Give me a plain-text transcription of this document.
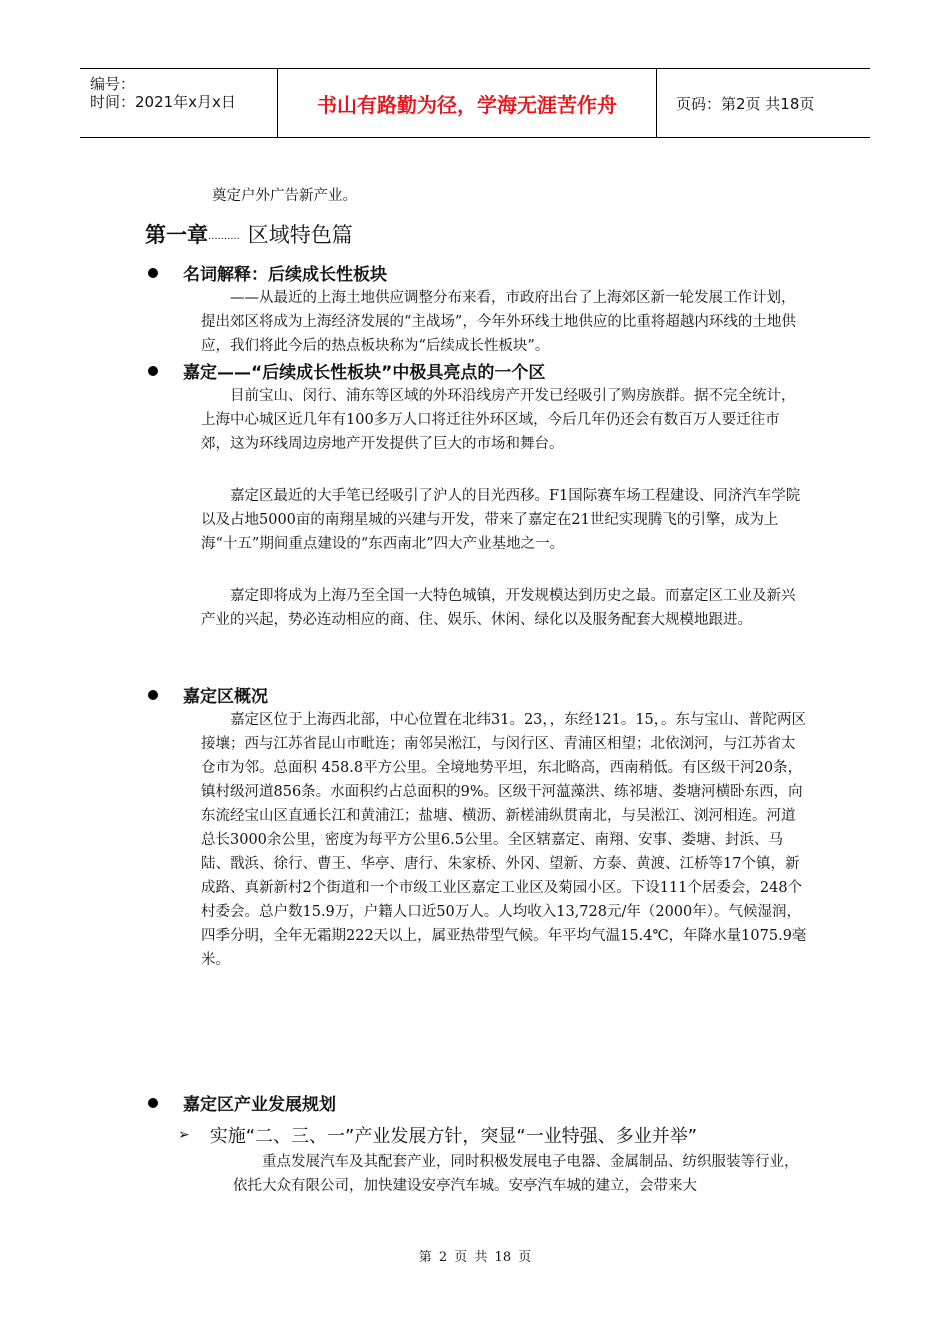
编号：
时间：2021年x月x日	书山有路勤为径，学海无涯苦作舟	页码：第2页 共18页

奠定户外广告新产业。

第一章·········· 区域特色篇
名词解释：后续成长性板块

——从最近的上海土地供应调整分布来看，市政府出台了上海郊区新一轮发展工作计划，提出郊区将成为上海经济发展的“主战场”，今年外环线土地供应的比重将超越内环线的土地供应，我们将此今后的热点板块称为“后续成长性板块”。

嘉定——“后续成长性板块”中极具亮点的一个区

目前宝山、闵行、浦东等区域的外环沿线房产开发已经吸引了购房族群。据不完全统计，上海中心城区近几年有100多万人口将迁往外环区域，今后几年仍还会有数百万人要迁往市郊，这为环线周边房地产开发提供了巨大的市场和舞台。

嘉定区最近的大手笔已经吸引了沪人的目光西移。F1国际赛车场工程建设、同济汽车学院以及占地5000亩的南翔星城的兴建与开发，带来了嘉定在21世纪实现腾飞的引擎，成为上海“十五”期间重点建设的“东西南北”四大产业基地之一。

嘉定即将成为上海乃至全国一大特色城镇，开发规模达到历史之最。而嘉定区工业及新兴产业的兴起，势必连动相应的商、住、娱乐、休闲、绿化以及服务配套大规模地跟进。

嘉定区概况

嘉定区位于上海西北部，中心位置在北纬31。23，，东经121。15，。东与宝山、普陀两区接壤；西与江苏省昆山市毗连；南邻吴淞江，与闵行区、青浦区相望；北依浏河，与江苏省太仓市为邻。总面积 458.8平方公里。全境地势平坦，东北略高，西南稍低。有区级干河20条，镇村级河道856条。水面积约占总面积的9%。区级干河蕰藻洪、练祁塘、娄塘河横卧东西，向东流经宝山区直通长江和黄浦江；盐塘、横沥、新槎浦纵贯南北，与吴淞江、浏河相连。河道总长3000余公里，密度为每平方公里6.5公里。全区辖嘉定、南翔、安事、娄塘、封浜、马陆、戬浜、徐行、曹王、华亭、唐行、朱家桥、外冈、望新、方泰、黄渡、江桥等17个镇，新成路、真新新村2个街道和一个市级工业区嘉定工业区及菊园小区。下设111个居委会，248个村委会。总户数15.9万，户籍人口近50万人。人均收入13,728元/年（2000年）。气候湿润，四季分明，全年无霜期222天以上，属亚热带型气候。年平均气温15.4℃，年降水量1075.9毫米。

嘉定区产业发展规划
➢ 实施“二、三、一”产业发展方针，突显“一业特强、多业并举”

重点发展汽车及其配套产业，同时积极发展电子电器、金属制品、纺织服装等行业，依托大众有限公司，加快建设安亭汽车城。安亭汽车城的建立，会带来大

第 2 页 共 18 页
